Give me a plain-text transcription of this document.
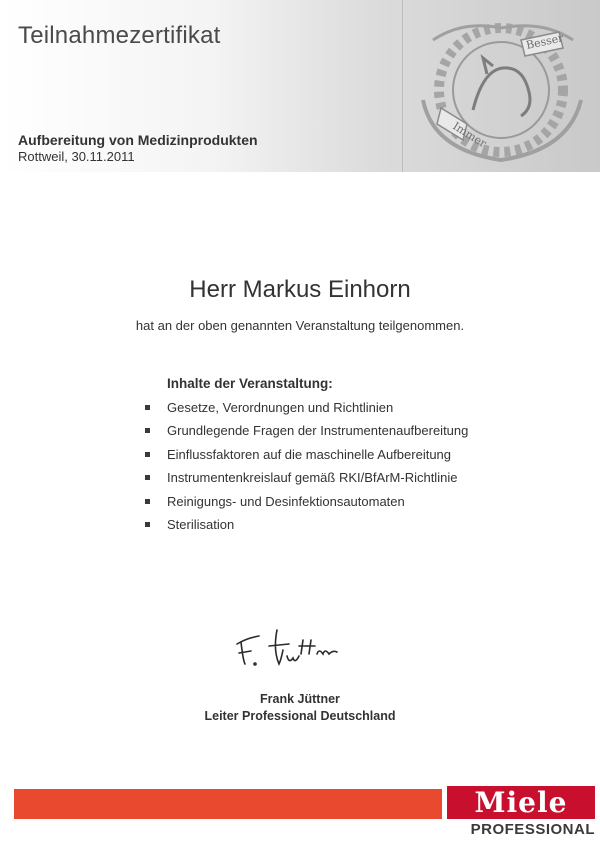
Teilnahmezertifikat
Aufbereitung von Medizinprodukten
Rottweil, 30.11.2011
Immer
Besser
Herr Markus Einhorn
hat an der oben genannten Veranstaltung teilgenommen.
Inhalte der Veranstaltung:
Gesetze, Verordnungen und Richtlinien
Grundlegende Fragen der Instrumentenaufbereitung
Einflussfaktoren auf die maschinelle Aufbereitung
Instrumentenkreislauf gemäß RKI/BfArM-Richtlinie
Reinigungs- und Desinfektionsautomaten
Sterilisation
Frank Jüttner
Leiter Professional Deutschland
Miele
PROFESSIONAL
